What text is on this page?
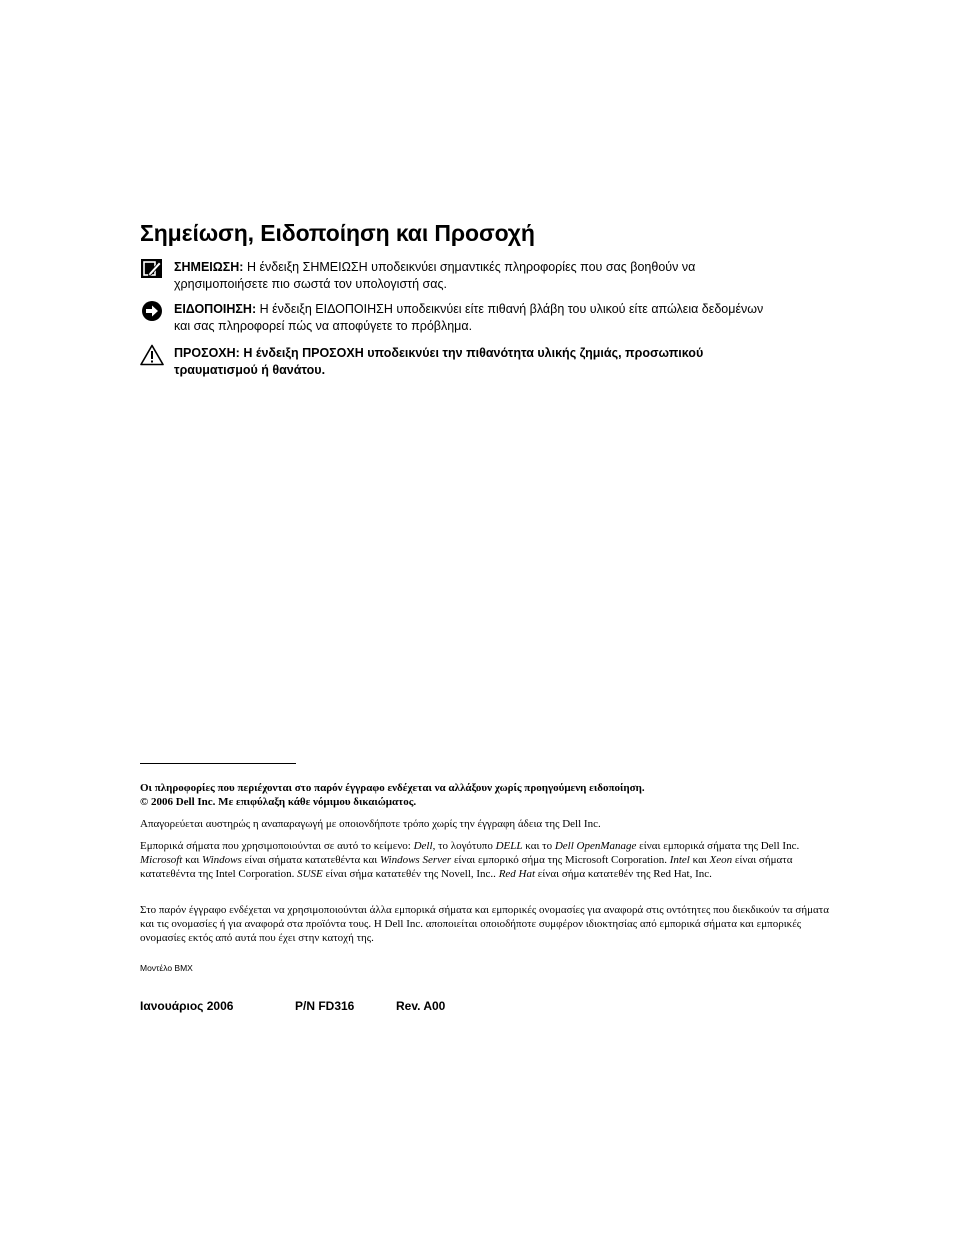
Σημείωση, Ειδοποίηση και Προσοχή
ΣΗΜΕΙΩΣΗ: Η ένδειξη ΣΗΜΕΙΩΣΗ υποδεικνύει σημαντικές πληροφορίες που σας βοηθούν να
χρησιμοποιήσετε πιο σωστά τον υπολογιστή σας.
ΕΙΔΟΠΟΙΗΣΗ: Η ένδειξη ΕΙΔΟΠΟΙΗΣΗ υποδεικνύει είτε πιθανή βλάβη του υλικού είτε απώλεια δεδομένων
και σας πληροφορεί πώς να αποφύγετε το πρόβλημα.
ΠΡΟΣΟΧΗ: Η ένδειξη ΠΡΟΣΟΧΗ υποδεικνύει την πιθανότητα υλικής ζημιάς, προσωπικού
τραυματισμού ή θανάτου.
Οι πληροφορίες που περιέχονται στο παρόν έγγραφο ενδέχεται να αλλάξουν χωρίς προηγούμενη ειδοποίηση.
© 2006 Dell Inc. Με επιφύλαξη κάθε νόμιμου δικαιώματος.
Απαγορεύεται αυστηρώς η αναπαραγωγή με οποιονδήποτε τρόπο χωρίς την έγγραφη άδεια της Dell Inc.
Εμπορικά σήματα που χρησιμοποιούνται σε αυτό το κείμενο: Dell, το λογότυπο DELL και το Dell OpenManage είναι εμπορικά σήματα της Dell Inc. Microsoft και Windows είναι σήματα κατατεθέντα και Windows Server είναι εμπορικό σήμα της Microsoft Corporation. Intel και Xeon είναι σήματα κατατεθέντα της Intel Corporation. SUSE είναι σήμα κατατεθέν της Novell, Inc.. Red Hat είναι σήμα κατατεθέν της Red Hat, Inc.
Στο παρόν έγγραφο ενδέχεται να χρησιμοποιούνται άλλα εμπορικά σήματα και εμπορικές ονομασίες για αναφορά στις οντότητες που διεκδικούν τα σήματα και τις ονομασίες ή για αναφορά στα προϊόντα τους. Η Dell Inc. αποποιείται οποιοδήποτε συμφέρον ιδιοκτησίας από εμπορικά σήματα και εμπορικές ονομασίες εκτός από αυτά που έχει στην κατοχή της.
Μοντέλο BMX
Ιανουάριος 2006	P/N FD316	Rev. A00
